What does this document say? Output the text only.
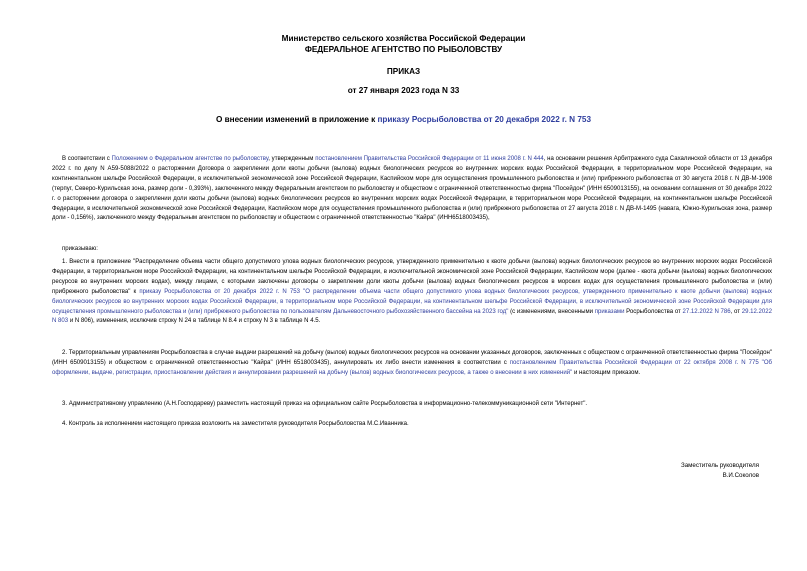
Министерство сельского хозяйства Российской Федерации
ФЕДЕРАЛЬНОЕ АГЕНТСТВО ПО РЫБОЛОВСТВУ
ПРИКАЗ
от 27 января 2023 года N 33
О внесении изменений в приложение к приказу Росрыболовства от 20 декабря 2022 г. N 753

В соответствии с Положением о Федеральном агентстве по рыболовству, утвержденным постановлением Правительства Российской Федерации от 11 июня 2008 г. N 444, на основании решения Арбитражного суда Сахалинской области от 13 декабря 2022 г. по делу N А59-5088/2022 о расторжении Договора о закреплении доли квоты добычи (вылова) водных биологических ресурсов во внутренних морских водах Российской Федерации, в территориальном море Российской Федерации, на континентальном шельфе Российской Федерации, в исключительной экономической зоне Российской Федерации, Каспийском море для осуществления промышленного рыболовства и (или) прибрежного рыболовства от 30 августа 2018 г. N ДВ-М-1908 (терпуг, Северо-Курильская зона, размер доли - 0,393%), заключенного между Федеральным агентством по рыболовству и обществом с ограниченной ответственностью фирма "Посейдон" (ИНН 6509013155), на основании соглашения от 30 декабря 2022 г. о расторжении договора о закреплении доли квоты добычи (вылова) водных биологических ресурсов во внутренних морских водах Российской Федерации, в территориальном море Российской Федерации, на континентальном шельфе Российской Федерации, в исключительной экономической зоне Российской Федерации, Каспийском море для осуществления промышленного рыболовства и (или) прибрежного рыболовства от 27 августа 2018 г. N ДВ-М-1495 (навага, Южно-Курильская зона, размер доли - 0,156%), заключенного между Федеральным агентством по рыболовству и обществом с ограниченной ответственностью "Кайра" (ИНН6518003435),

приказываю:

1. Внести в приложение "Распределение объема части общего допустимого улова водных биологических ресурсов, утвержденного применительно к квоте добычи (вылова) водных биологических ресурсов во внутренних морских водах Российской Федерации, в территориальном море Российской Федерации, на континентальном шельфе Российской Федерации, в исключительной экономической зоне Российской Федерации, Каспийском море (далее - квота добычи (вылова) водных биологических ресурсов во внутренних морских водах), между лицами, с которыми заключены договоры о закреплении доли квоты добычи (вылова) водных биологических ресурсов в морских водах для осуществления промышленного рыболовства и (или) прибрежного рыболовства" к приказу Росрыболовства от 20 декабря 2022 г. N 753 "О распределении объема части общего допустимого улова водных биологических ресурсов, утвержденного применительно к квоте добычи (вылова) водных биологических ресурсов во внутренних морских водах Российской Федерации, в территориальном море Российской Федерации, на континентальном шельфе Российской Федерации, в исключительной экономической зоне Российской Федерации для осуществления промышленного рыболовства и (или) прибрежного рыболовства по пользователям Дальневосточного рыбохозяйственного бассейна на 2023 год" (с изменениями, внесенными приказами Росрыболовства от 27.12.2022 N 786, от 29.12.2022 N 803 и N 806), изменения, исключив строку N 24 в таблице N 8.4 и строку N 3 в таблице N 4.5.

2. Территориальным управлениям Росрыболовства в случае выдачи разрешений на добычу (вылов) водных биологических ресурсов на основании указанных договоров, заключенных с обществом с ограниченной ответственностью фирма "Посейдон" (ИНН 6509013155) и обществом с ограниченной ответственностью "Кайра" (ИНН 6518003435), аннулировать их либо внести изменения в соответствии с постановлением Правительства Российской Федерации от 22 октября 2008 г. N 775 "Об оформлении, выдаче, регистрации, приостановлении действия и аннулировании разрешений на добычу (вылов) водных биологических ресурсов, а также о внесении в них изменений" и настоящим приказом.

3. Административному управлению (А.Н.Господареву) разместить настоящий приказ на официальном сайте Росрыболовства в информационно-телекоммуникационной сети "Интернет".

4. Контроль за исполнением настоящего приказа возложить на заместителя руководителя Росрыболовства М.С.Иванника.

Заместитель руководителя
В.И.Соколов
